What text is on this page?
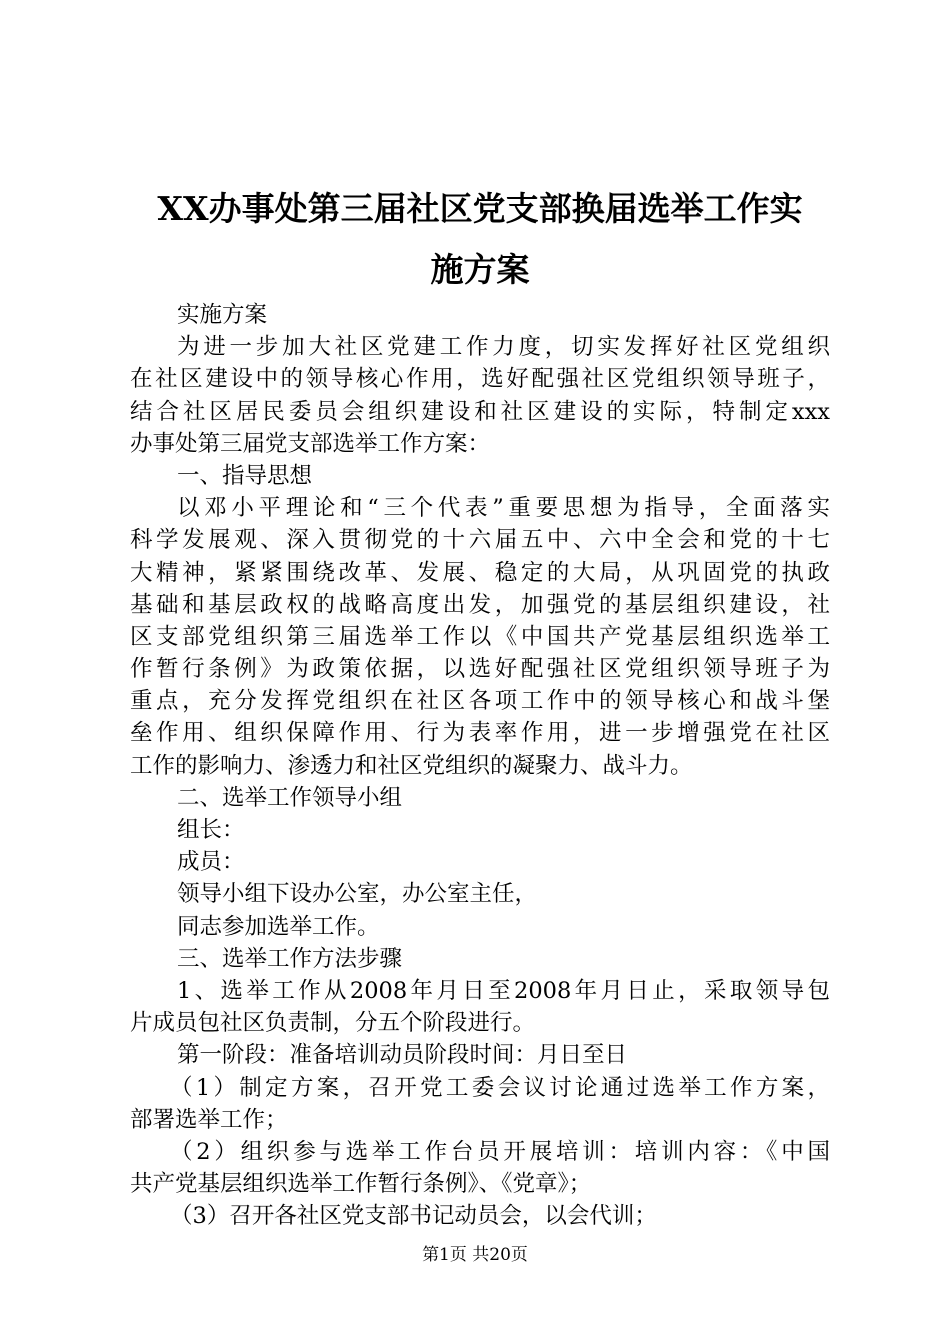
XX办事处第三届社区党支部换届选举工作实
施方案
实施方案
为进一步加大社区党建工作力度，切实发挥好社区党组织
在社区建设中的领导核心作用，选好配强社区党组织领导班子，
结合社区居民委员会组织建设和社区建设的实际，特制定xxx
办事处第三届党支部选举工作方案：
一、指导思想
以邓小平理论和“三个代表”重要思想为指导，全面落实
科学发展观、深入贯彻党的十六届五中、六中全会和党的十七
大精神，紧紧围绕改革、发展、稳定的大局，从巩固党的执政
基础和基层政权的战略高度出发，加强党的基层组织建设，社
区支部党组织第三届选举工作以《中国共产党基层组织选举工
作暂行条例》为政策依据，以选好配强社区党组织领导班子为
重点，充分发挥党组织在社区各项工作中的领导核心和战斗堡
垒作用、组织保障作用、行为表率作用，进一步增强党在社区
工作的影响力、渗透力和社区党组织的凝聚力、战斗力。
二、选举工作领导小组
组长：
成员：
领导小组下设办公室，办公室主任，
同志参加选举工作。
三、选举工作方法步骤
1、选举工作从2008年月日至2008年月日止，采取领导包
片成员包社区负责制，分五个阶段进行。
第一阶段：准备培训动员阶段时间：月日至日
（1）制定方案，召开党工委会议讨论通过选举工作方案，
部署选举工作；
（2）组织参与选举工作台员开展培训：培训内容：《中国
共产党基层组织选举工作暂行条例》、《党章》；
（3）召开各社区党支部书记动员会，以会代训；
第1页 共20页
